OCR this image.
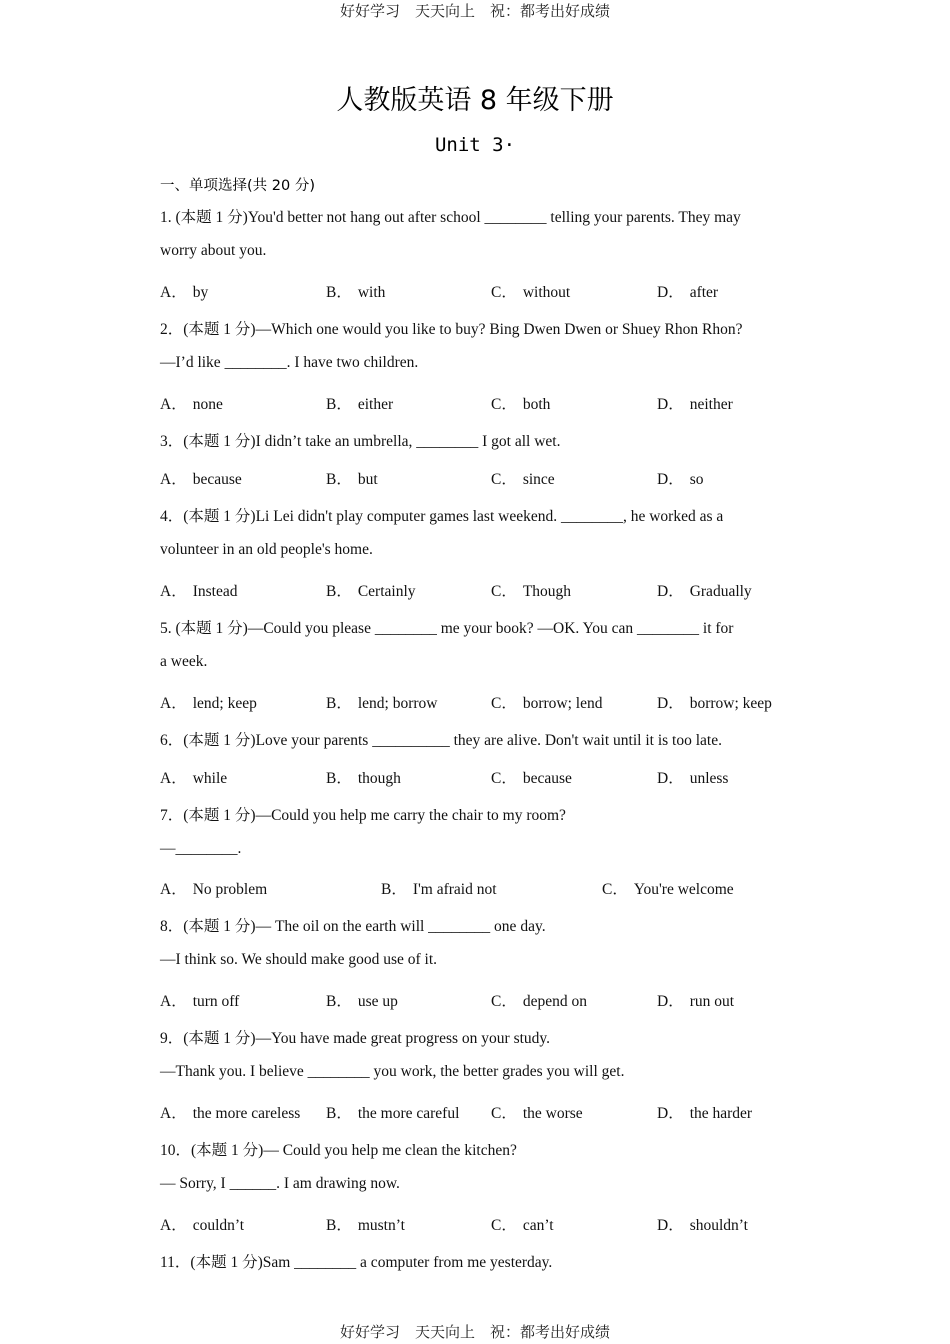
好好学习　天天向上　祝：都考出好成绩
人教版英语 8 年级下册
Unit 3·
一、单项选择(共 20 分)
1. (本题 1 分)You'd better not hang out after school ________ telling your parents. They may
worry about you.
A． by	B． with	C． without	D． after
2．(本题 1 分)—Which one would you like to buy? Bing Dwen Dwen or Shuey Rhon Rhon?
—I’d like ________. I have two children.
A． none	B． either	C． both	D． neither
3．(本题 1 分)I didn’t take an umbrella, ________ I got all wet.
A． because	B． but	C． since	D． so
4．(本题 1 分)Li Lei didn't play computer games last weekend. ________, he worked as a
volunteer in an old people's home.
A． Instead	B． Certainly	C． Though	D． Gradually
5. (本题 1 分)—Could you please ________ me your book? —OK. You can ________ it for
a week.
A． lend; keep	B． lend; borrow	C． borrow; lend	D． borrow; keep
6．(本题 1 分)Love your parents __________ they are alive. Don't wait until it is too late.
A． while	B． though	C． because	D． unless
7．(本题 1 分)—Could you help me carry the chair to my room?
—________.
A． No problem	B． I'm afraid not	C． You're welcome
8．(本题 1 分)— The oil on the earth will ________ one day.
—I think so. We should make good use of it.
A． turn off	B． use up	C． depend on	D． run out
9．(本题 1 分)—You have made great progress on your study.
—Thank you. I believe ________ you work, the better grades you will get.
A． the more careless B． the more careful C． the worse	D． the harder
10．(本题 1 分)— Could you help me clean the kitchen?
— Sorry, I ______. I am drawing now.
A． couldn’t	B． mustn’t	C． can’t	D． shouldn’t
11．(本题 1 分)Sam ________ a computer from me yesterday.
好好学习　天天向上　祝：都考出好成绩
